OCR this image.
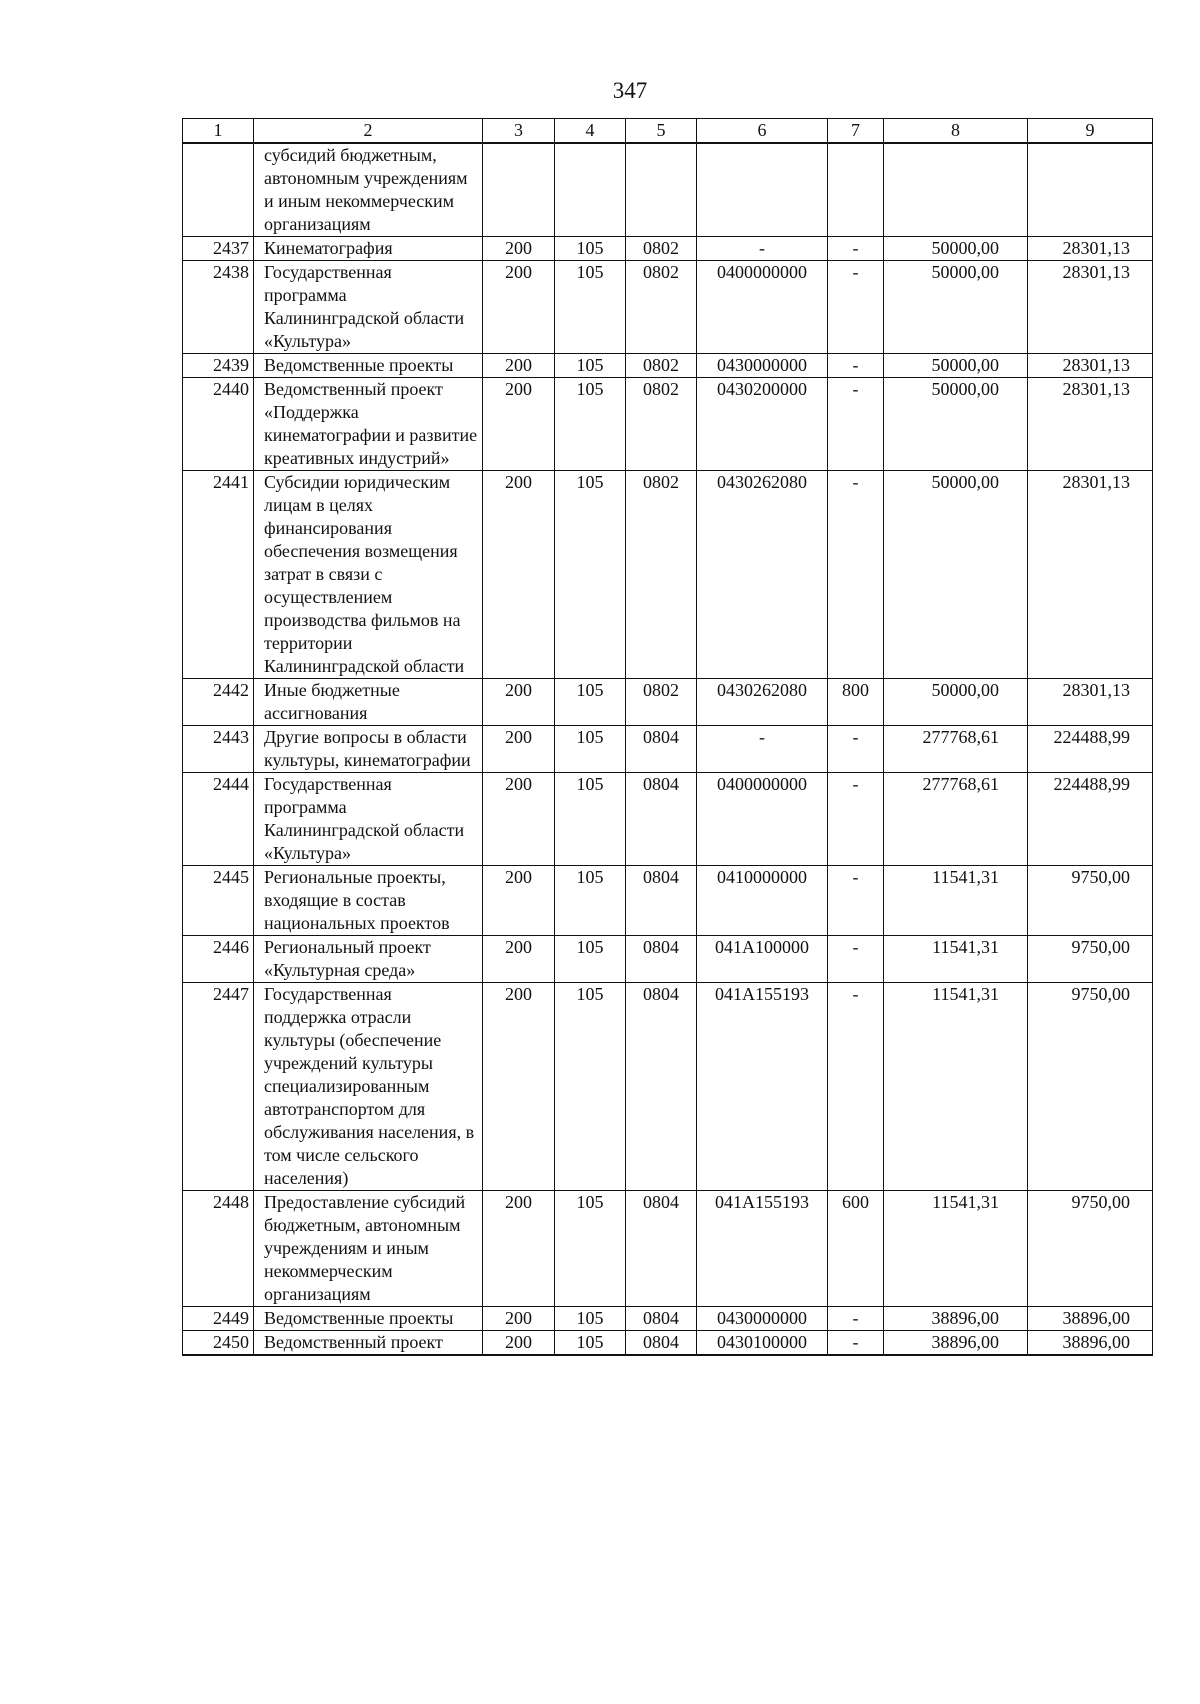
347
1	2	3	4	5	6	7	8	9
	субсидий бюджетным, автономным учреждениям и иным некоммерческим организациям							
2437	Кинематография	200	105	0802	-	-	50000,00	28301,13
2438	Государственная программа Калининградской области «Культура»	200	105	0802	0400000000	-	50000,00	28301,13
2439	Ведомственные проекты	200	105	0802	0430000000	-	50000,00	28301,13
2440	Ведомственный проект «Поддержка кинематографии и развитие креативных индустрий»	200	105	0802	0430200000	-	50000,00	28301,13
2441	Субсидии юридическим лицам в целях финансирования обеспечения возмещения затрат в связи с осуществлением производства фильмов на территории Калининградской области	200	105	0802	0430262080	-	50000,00	28301,13
2442	Иные бюджетные ассигнования	200	105	0802	0430262080	800	50000,00	28301,13
2443	Другие вопросы в области культуры, кинематографии	200	105	0804	-	-	277768,61	224488,99
2444	Государственная программа Калининградской области «Культура»	200	105	0804	0400000000	-	277768,61	224488,99
2445	Региональные проекты, входящие в состав национальных проектов	200	105	0804	0410000000	-	11541,31	9750,00
2446	Региональный проект «Культурная среда»	200	105	0804	041A100000	-	11541,31	9750,00
2447	Государственная поддержка отрасли культуры (обеспечение учреждений культуры специализированным автотранспортом для обслуживания населения, в том числе сельского населения)	200	105	0804	041A155193	-	11541,31	9750,00
2448	Предоставление субсидий бюджетным, автономным учреждениям и иным некоммерческим организациям	200	105	0804	041A155193	600	11541,31	9750,00
2449	Ведомственные проекты	200	105	0804	0430000000	-	38896,00	38896,00
2450	Ведомственный проект	200	105	0804	0430100000	-	38896,00	38896,00
